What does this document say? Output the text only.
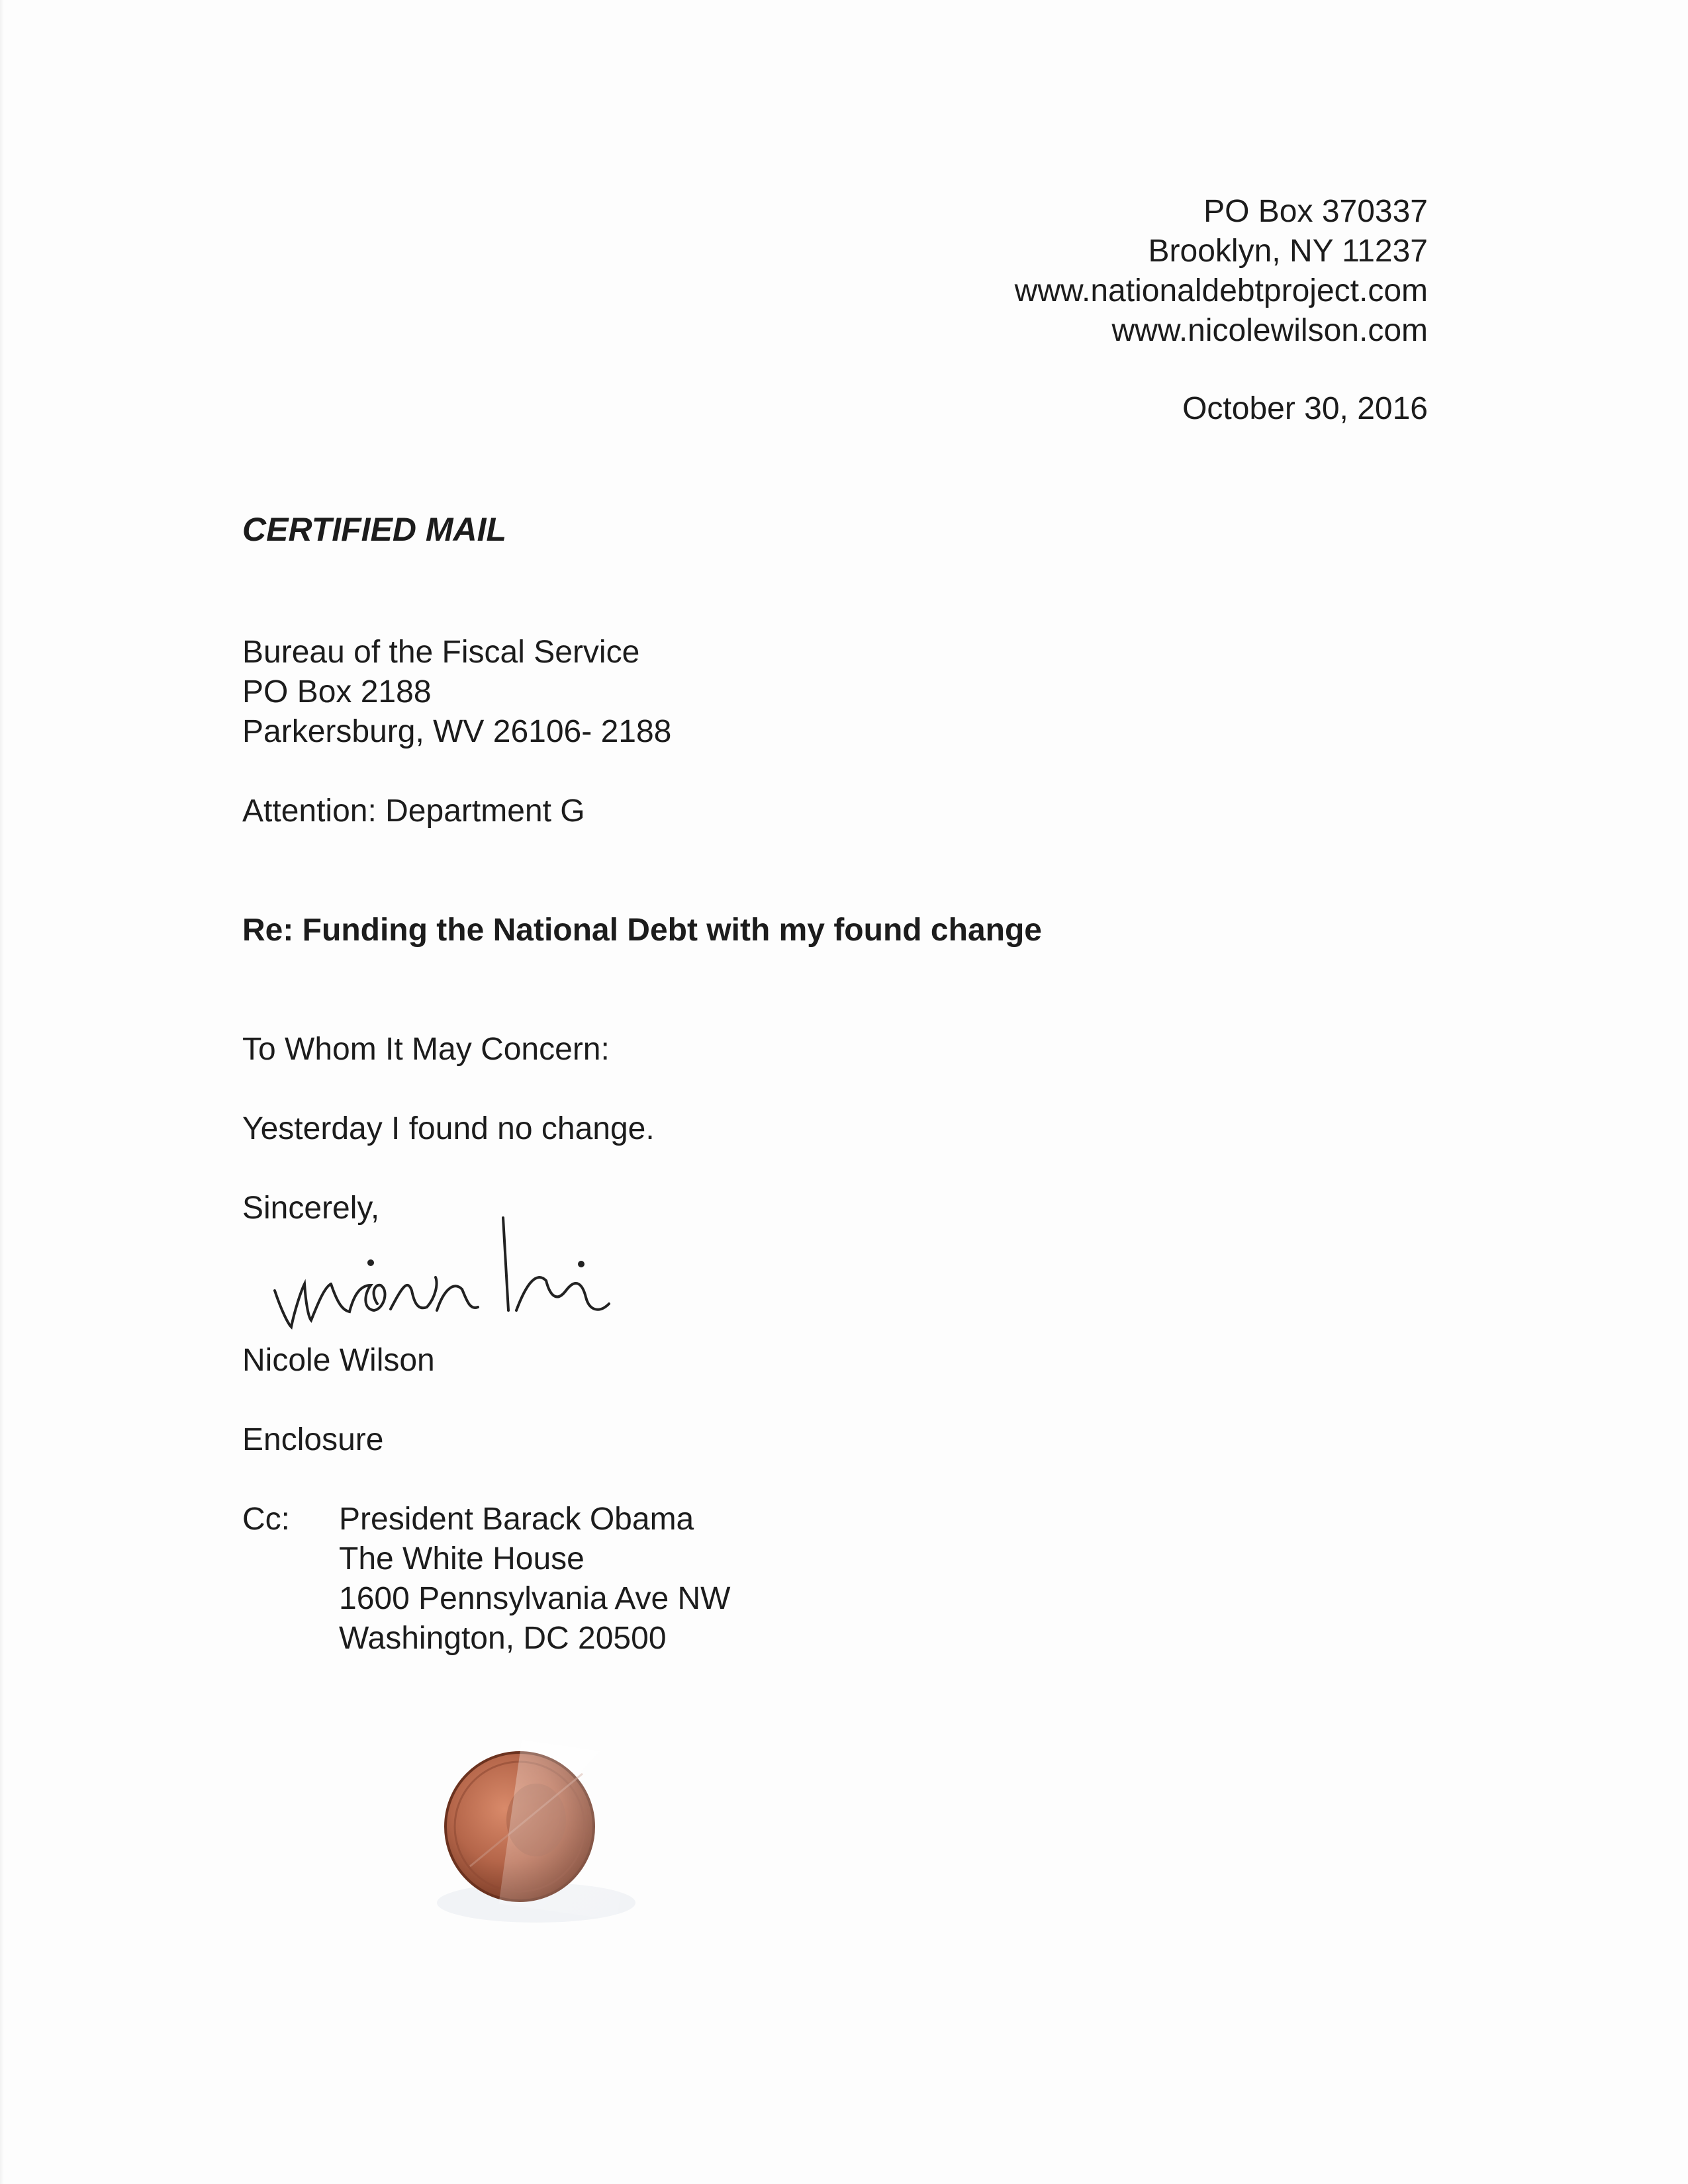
PO Box 370337
Brooklyn, NY 11237
www.nationaldebtproject.com
www.nicolewilson.com
October 30, 2016
CERTIFIED MAIL
Bureau of the Fiscal Service
PO Box 2188
Parkersburg, WV 26106- 2188
Attention: Department G
Re: Funding the National Debt with my found change
To Whom It May Concern:
Yesterday I found no change.
Sincerely,
Nicole Wilson
Enclosure
Cc: President Barack Obama
The White House
1600 Pennsylvania Ave NW
Washington, DC 20500
